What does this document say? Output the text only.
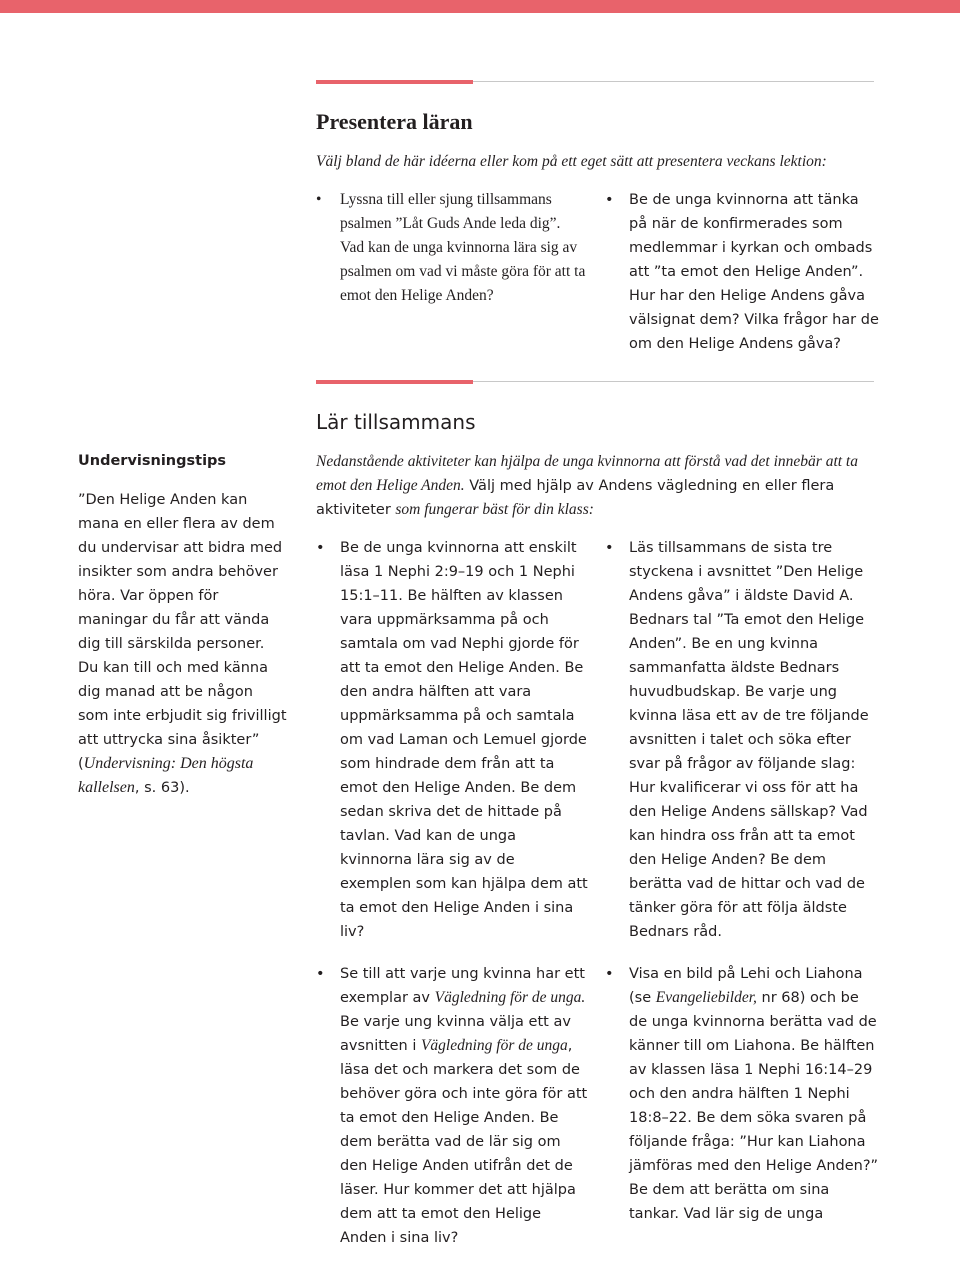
Presentera läran

Välj bland de här idéerna eller kom på ett eget sätt att presentera veckans lektion:

• Lyssna till eller sjung tillsammans psalmen ”Låt Guds Ande leda dig”. Vad kan de unga kvinnorna lära sig av psalmen om vad vi måste göra för att ta emot den Helige Anden?
• Be de unga kvinnorna att tänka på när de konfirmerades som medlemmar i kyrkan och ombads att ”ta emot den Helige Anden”. Hur har den Helige Andens gåva välsignat dem? Vilka frågor har de om den Helige Andens gåva?
Lär tillsammans

Nedanstående aktiviteter kan hjälpa de unga kvinnorna att förstå vad det innebär att ta emot den Helige Anden. Välj med hjälp av Andens vägledning en eller flera aktiviteter som fungerar bäst för din klass:

• Be de unga kvinnorna att enskilt läsa 1 Nephi 2:9–19 och 1 Nephi 15:1–11. Be hälften av klassen vara uppmärksamma på och samtala om vad Nephi gjorde för att ta emot den Helige Anden. Be den andra hälften att vara uppmärksamma på och samtala om vad Laman och Lemuel gjorde som hindrade dem från att ta emot den Helige Anden. Be dem sedan skriva det de hittade på tavlan. Vad kan de unga kvinnorna lära sig av de exemplen som kan hjälpa dem att ta emot den Helige Anden i sina liv?
• Se till att varje ung kvinna har ett exemplar av Vägledning för de unga. Be varje ung kvinna välja ett av avsnitten i Vägledning för de unga, läsa det och markera det som de behöver göra och inte göra för att ta emot den Helige Anden. Be dem berätta vad de lär sig om den Helige Anden utifrån det de läser. Hur kommer det att hjälpa dem att ta emot den Helige Anden i sina liv?
• Läs tillsammans de sista tre styckena i avsnittet ”Den Helige Andens gåva” i äldste David A. Bednars tal ”Ta emot den Helige Anden”. Be en ung kvinna sammanfatta äldste Bednars huvudbudskap. Be varje ung kvinna läsa ett av de tre följande avsnitten i talet och söka efter svar på frågor av följande slag: Hur kvalificerar vi oss för att ha den Helige Andens sällskap? Vad kan hindra oss från att ta emot den Helige Anden? Be dem berätta vad de hittar och vad de tänker göra för att följa äldste Bednars råd.
• Visa en bild på Lehi och Liahona (se Evangeliebilder, nr 68) och be de unga kvinnorna berätta vad de känner till om Liahona. Be hälften av klassen läsa 1 Nephi 16:14–29 och den andra hälften 1 Nephi 18:8–22. Be dem söka svaren på följande fråga: ”Hur kan Liahona jämföras med den Helige Anden?” Be dem att berätta om sina tankar. Vad lär sig de unga
Undervisningstips

”Den Helige Anden kan mana en eller flera av dem du undervisar att bidra med insikter som andra behöver höra. Var öppen för maningar du får att vända dig till särskilda personer. Du kan till och med känna dig manad att be någon som inte erbjudit sig frivilligt att uttrycka sina åsikter” (Undervisning: Den högsta kallelsen, s. 63).
